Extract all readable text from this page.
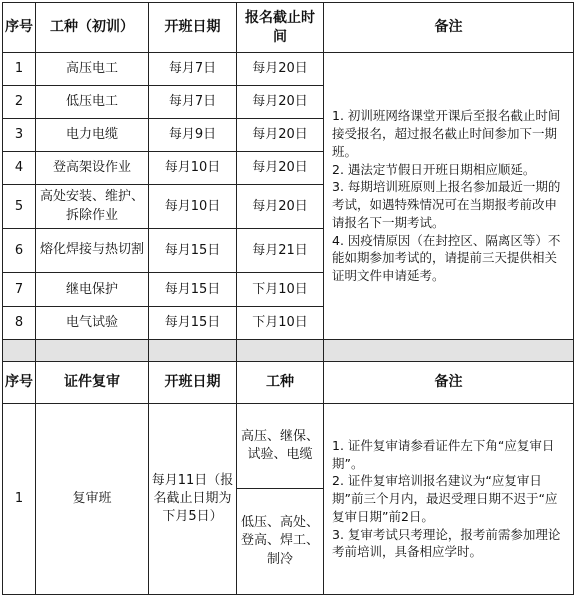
序号	工种（初训）	开班日期	报名截止时间	备注
1	高压电工	每月7日	每月20日	1. 初训班网络课堂开课后至报名截止时间接受报名，超过报名截止时间参加下一期班。

2. 遇法定节假日开班日期相应顺延。

3. 每期培训班原则上报名参加最近一期的考试，如遇特殊情况可在当期报考前改申请报名下一期考试。

4. 因疫情原因（在封控区、隔离区等）不能如期参加考试的，请提前三天提供相关证明文件申请延考。

2	低压电工	每月7日	每月20日	
3	电力电缆	每月9日	每月20日	
4	登高架设作业	每月10日	每月20日	
5	高处安装、维护、拆除作业	每月10日	每月20日	
6	熔化焊接与热切割	每月15日	每月21日	
7	继电保护	每月15日	下月10日	
8	电气试验	每月15日	下月10日	

序号	证件复审	开班日期	工种	备注
1	复审班	每月11日（报名截止日期为下月5日）	高压、继保、试验、电缆	1. 证件复审请参看证件左下角“应复审日期”。

2. 证件复审培训报名建议为“应复审日期”前三个月内，最迟受理日期不迟于“应复审日期”前2日。

3. 复审考试只考理论，报考前需参加理论考前培训，具备相应学时。

			低压、高处、登高、焊工、制冷	
